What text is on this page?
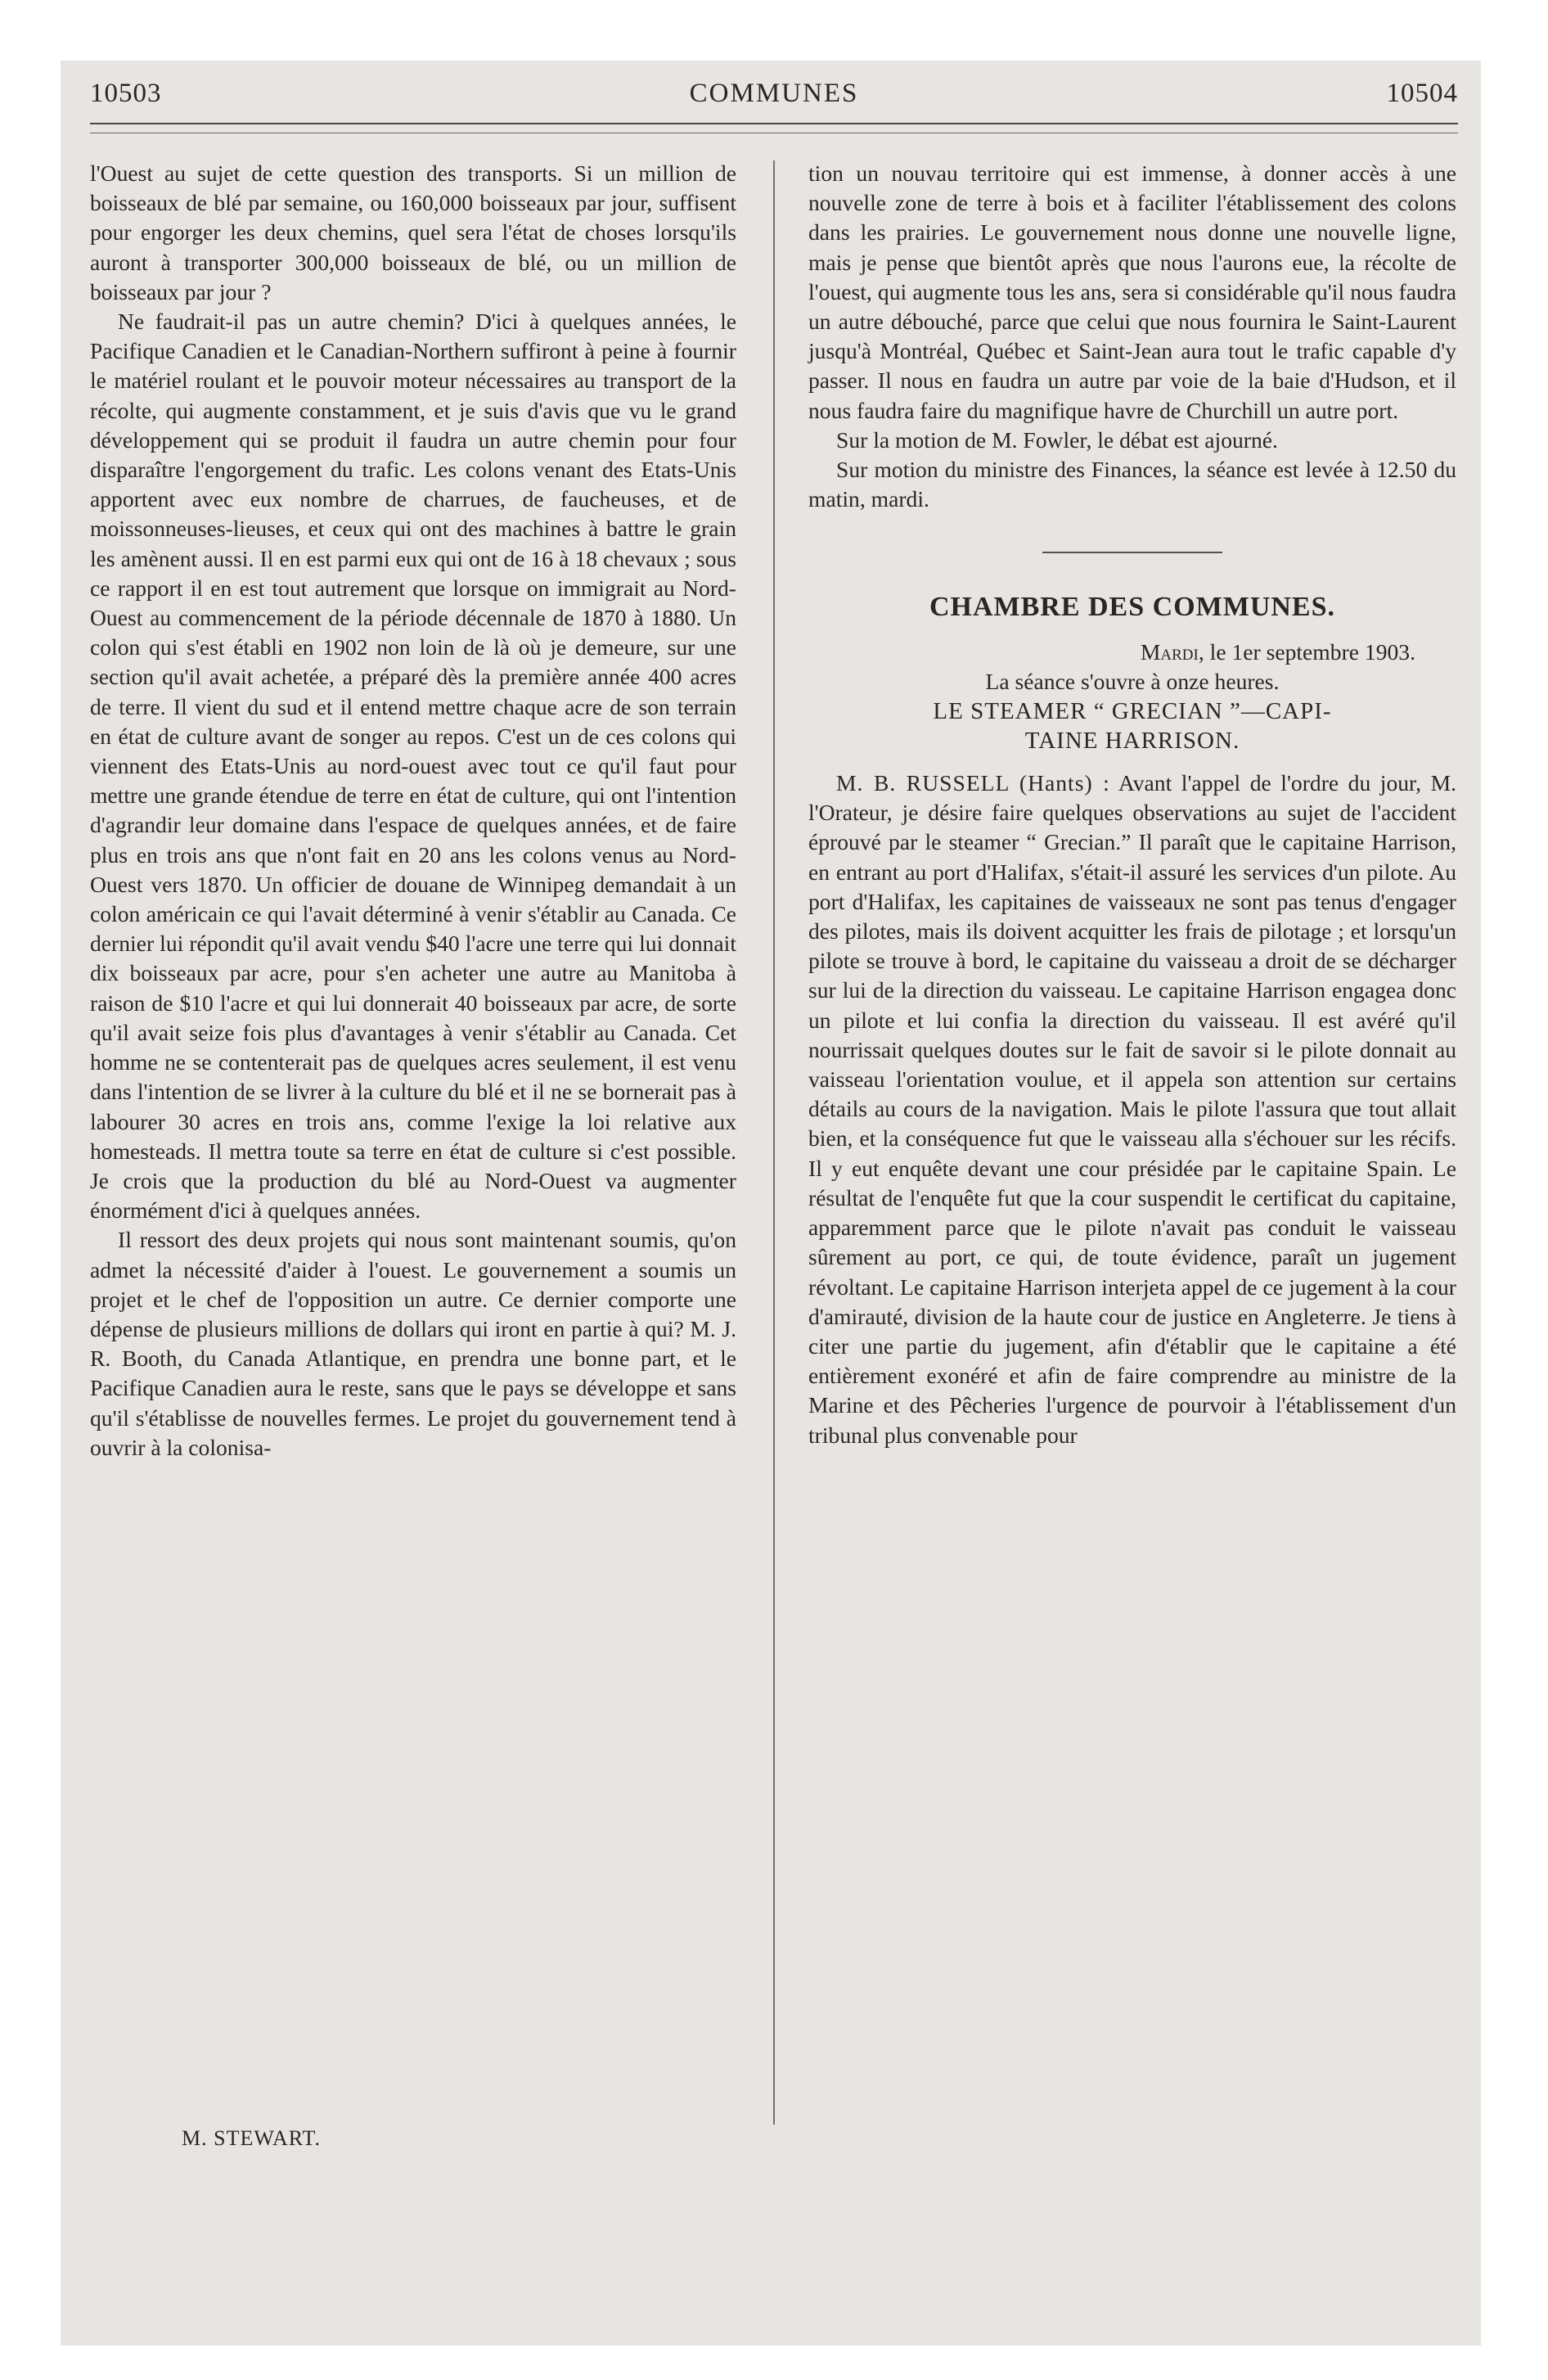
10503	COMMUNES	10504

l'Ouest au sujet de cette question des transports. Si un million de boisseaux de blé par semaine, ou 160,000 boisseaux par jour, suffisent pour engorger les deux chemins, quel sera l'état de choses lorsqu'ils auront à transporter 300,000 boisseaux de blé, ou un million de boisseaux par jour ?

Ne faudrait-il pas un autre chemin? D'ici à quelques années, le Pacifique Canadien et le Canadian-Northern suffiront à peine à fournir le matériel roulant et le pouvoir moteur nécessaires au transport de la récolte, qui augmente constamment, et je suis d'avis que vu le grand développement qui se produit il faudra un autre chemin pour four disparaître l'engorgement du trafic. Les colons venant des Etats-Unis apportent avec eux nombre de charrues, de faucheuses, et de moissonneuses-lieuses, et ceux qui ont des machines à battre le grain les amènent aussi. Il en est parmi eux qui ont de 16 à 18 chevaux ; sous ce rapport il en est tout autrement que lorsque on immigrait au Nord-Ouest au commencement de la période décennale de 1870 à 1880. Un colon qui s'est établi en 1902 non loin de là où je demeure, sur une section qu'il avait achetée, a préparé dès la première année 400 acres de terre. Il vient du sud et il entend mettre chaque acre de son terrain en état de culture avant de songer au repos. C'est un de ces colons qui viennent des Etats-Unis au nord-ouest avec tout ce qu'il faut pour mettre une grande étendue de terre en état de culture, qui ont l'intention d'agrandir leur domaine dans l'espace de quelques années, et de faire plus en trois ans que n'ont fait en 20 ans les colons venus au Nord-Ouest vers 1870. Un officier de douane de Winnipeg demandait à un colon américain ce qui l'avait déterminé à venir s'établir au Canada. Ce dernier lui répondit qu'il avait vendu $40 l'acre une terre qui lui donnait dix boisseaux par acre, pour s'en acheter une autre au Manitoba à raison de $10 l'acre et qui lui donnerait 40 boisseaux par acre, de sorte qu'il avait seize fois plus d'avantages à venir s'établir au Canada. Cet homme ne se contenterait pas de quelques acres seulement, il est venu dans l'intention de se livrer à la culture du blé et il ne se bornerait pas à labourer 30 acres en trois ans, comme l'exige la loi relative aux homesteads. Il mettra toute sa terre en état de culture si c'est possible. Je crois que la production du blé au Nord-Ouest va augmenter énormément d'ici à quelques années.

Il ressort des deux projets qui nous sont maintenant soumis, qu'on admet la nécessité d'aider à l'ouest. Le gouvernement a soumis un projet et le chef de l'opposition un autre. Ce dernier comporte une dépense de plusieurs millions de dollars qui iront en partie à qui? M. J. R. Booth, du Canada Atlantique, en prendra une bonne part, et le Pacifique Canadien aura le reste, sans que le pays se développe et sans qu'il s'établisse de nouvelles fermes. Le projet du gouvernement tend à ouvrir à la colonisa-

M. STEWART.

tion un nouvau territoire qui est immense, à donner accès à une nouvelle zone de terre à bois et à faciliter l'établissement des colons dans les prairies. Le gouvernement nous donne une nouvelle ligne, mais je pense que bientôt après que nous l'aurons eue, la récolte de l'ouest, qui augmente tous les ans, sera si considérable qu'il nous faudra un autre débouché, parce que celui que nous fournira le Saint-Laurent jusqu'à Montréal, Québec et Saint-Jean aura tout le trafic capable d'y passer. Il nous en faudra un autre par voie de la baie d'Hudson, et il nous faudra faire du magnifique havre de Churchill un autre port.

Sur la motion de M. Fowler, le débat est ajourné.

Sur motion du ministre des Finances, la séance est levée à 12.50 du matin, mardi.

CHAMBRE DES COMMUNES.

Mardi, le 1er septembre 1903.

La séance s'ouvre à onze heures.

LE STEAMER “ GRECIAN ”—CAPI-
TAINE HARRISON.

M. B. RUSSELL (Hants) : Avant l'appel de l'ordre du jour, M. l'Orateur, je désire faire quelques observations au sujet de l'accident éprouvé par le steamer “ Grecian.” Il paraît que le capitaine Harrison, en entrant au port d'Halifax, s'était-il assuré les services d'un pilote. Au port d'Halifax, les capitaines de vaisseaux ne sont pas tenus d'engager des pilotes, mais ils doivent acquitter les frais de pilotage ; et lorsqu'un pilote se trouve à bord, le capitaine du vaisseau a droit de se décharger sur lui de la direction du vaisseau. Le capitaine Harrison engagea donc un pilote et lui confia la direction du vaisseau. Il est avéré qu'il nourrissait quelques doutes sur le fait de savoir si le pilote donnait au vaisseau l'orientation voulue, et il appela son attention sur certains détails au cours de la navigation. Mais le pilote l'assura que tout allait bien, et la conséquence fut que le vaisseau alla s'échouer sur les récifs. Il y eut enquête devant une cour présidée par le capitaine Spain. Le résultat de l'enquête fut que la cour suspendit le certificat du capitaine, apparemment parce que le pilote n'avait pas conduit le vaisseau sûrement au port, ce qui, de toute évidence, paraît un jugement révoltant. Le capitaine Harrison interjeta appel de ce jugement à la cour d'amirauté, division de la haute cour de justice en Angleterre. Je tiens à citer une partie du jugement, afin d'établir que le capitaine a été entièrement exonéré et afin de faire comprendre au ministre de la Marine et des Pêcheries l'urgence de pourvoir à l'établissement d'un tribunal plus convenable pour
